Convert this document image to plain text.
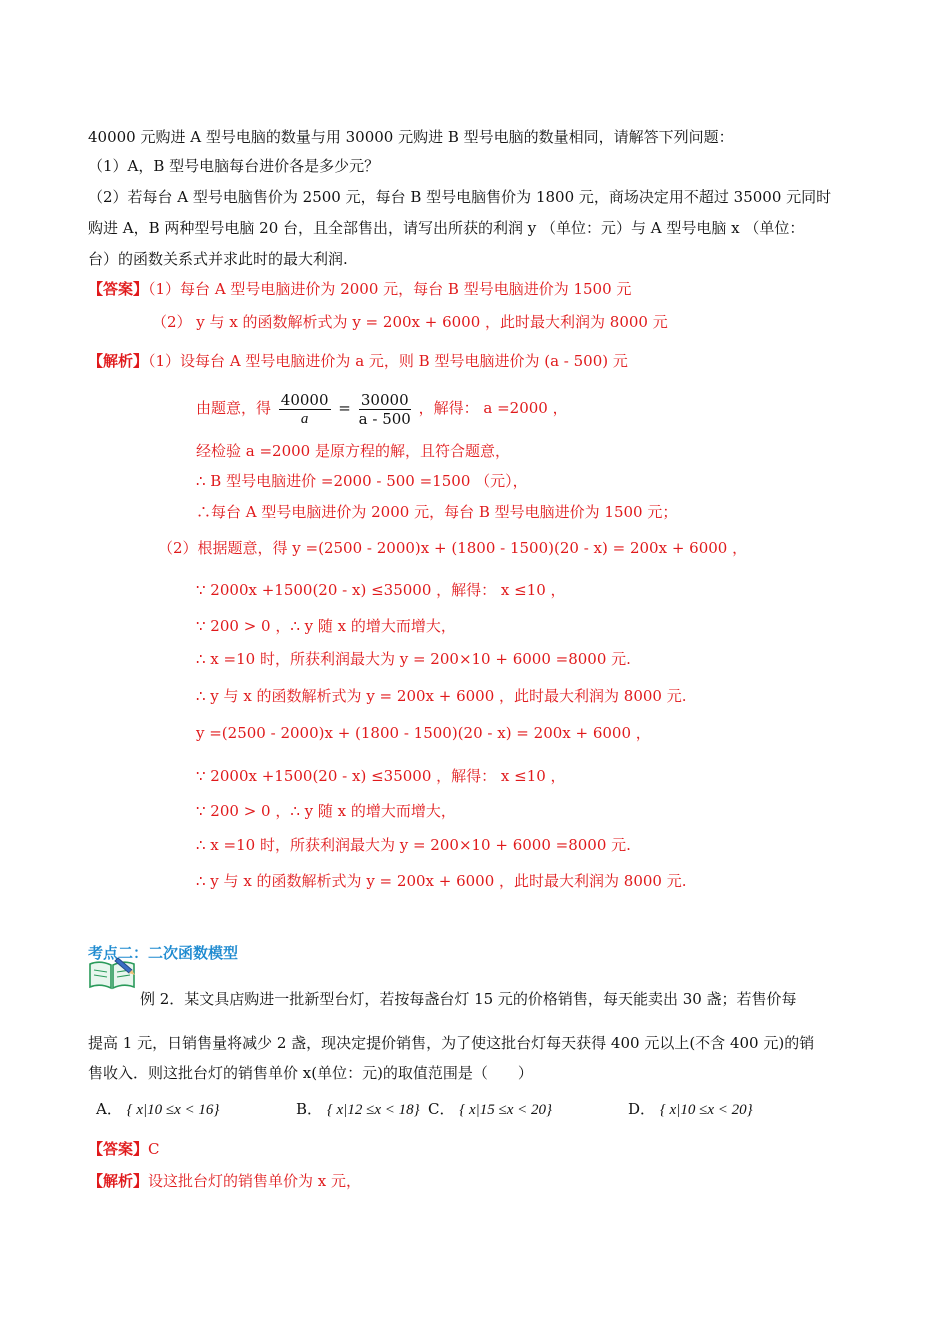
40000 元购进 A 型号电脑的数量与用 30000 元购进 B 型号电脑的数量相同，请解答下列问题：
（1）A，B 型号电脑每台进价各是多少元？
（2）若每台 A 型号电脑售价为 2500 元，每台 B 型号电脑售价为 1800 元，商场决定用不超过 35000 元同时
购进 A，B 两种型号电脑 20 台，且全部售出，请写出所获的利润 y （单位：元）与 A 型号电脑 x （单位：
台）的函数关系式并求此时的最大利润.
【答案】（1）每台 A 型号电脑进价为 2000 元，每台 B 型号电脑进价为 1500 元
（2） y 与 x 的函数解析式为 y = 200x + 6000 ，此时最大利润为 8000 元
【解析】（1）设每台 A 型号电脑进价为 a 元，则 B 型号电脑进价为 (a - 500) 元
由题意，得 $\frac{40000}{a} = \frac{30000}{a - 500}$ ，解得： a =2000 ，
经检验 a =2000 是原方程的解，且符合题意，
∴ B 型号电脑进价 =2000 - 500 =1500 （元），
∴每台 A 型号电脑进价为 2000 元，每台 B 型号电脑进价为 1500 元；
（2）根据题意，得 y =(2500 - 2000)x + (1800 - 1500)(20 - x) = 200x + 6000 ，
∵ 2000x +1500(20 - x) ≤35000 ，解得： x ≤10 ，
∵ 200 > 0 ，∴ y 随 x 的增大而增大，
∴ x =10 时，所获利润最大为 y = 200×10 + 6000 =8000 元.
∴ y 与 x 的函数解析式为 y = 200x + 6000 ，此时最大利润为 8000 元.
y =(2500 - 2000)x + (1800 - 1500)(20 - x) = 200x + 6000 ，
∵ 2000x +1500(20 - x) ≤35000 ，解得： x ≤10 ，
∵ 200 > 0 ，∴ y 随 x 的增大而增大，
∴ x =10 时，所获利润最大为 y = 200×10 + 6000 =8000 元.
∴ y 与 x 的函数解析式为 y = 200x + 6000 ，此时最大利润为 8000 元.
考点二：二次函数模型
例 2．某文具店购进一批新型台灯，若按每盏台灯 15 元的价格销售，每天能卖出 30 盏；若售价每
提高 1 元，日销售量将减少 2 盏，现决定提价销售，为了使这批台灯每天获得 400 元以上(不含 400 元)的销
售收入．则这批台灯的销售单价 x(单位：元)的取值范围是（　　）
A． { x|10 ≤x < 16}	B． { x|12 ≤x < 18} C． { x|15 ≤x < 20}	D． { x|10 ≤x < 20}
【答案】C
【解析】设这批台灯的销售单价为 x 元，
